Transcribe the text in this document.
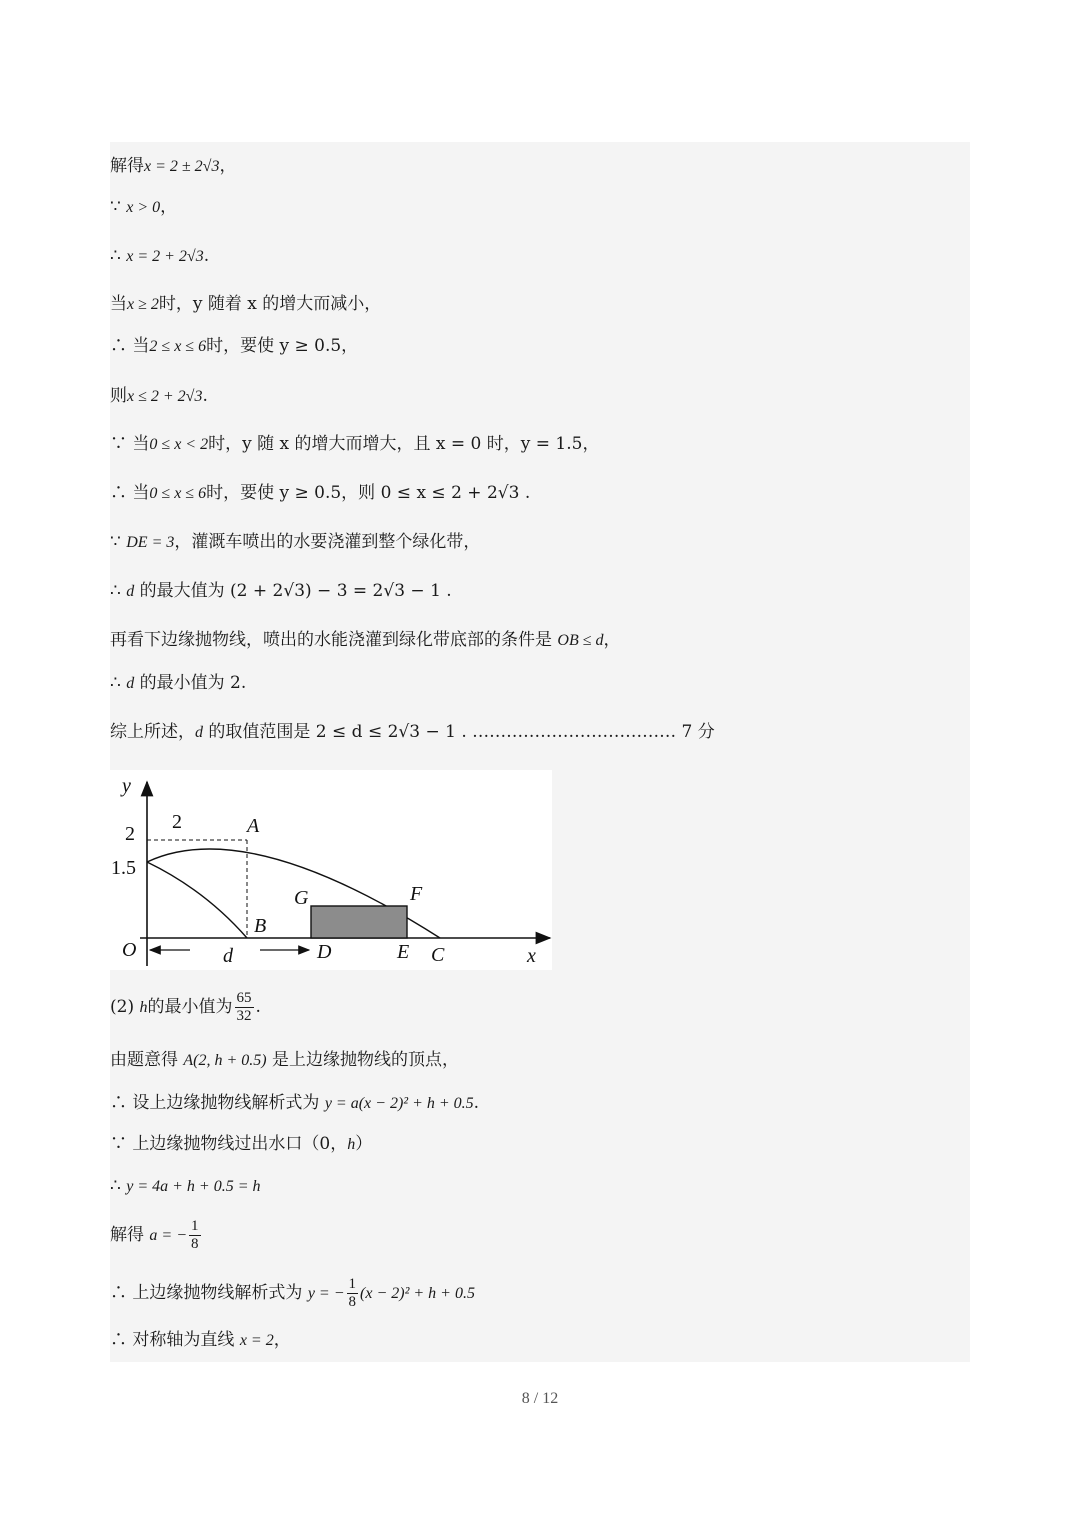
解得x = 2 ± 2√3，
∵ x > 0，
∴ x = 2 + 2√3.
当x ≥ 2时，y 随着 x 的增大而减小，
∴ 当2 ≤ x ≤ 6时，要使 y ≥ 0.5，
则x ≤ 2 + 2√3.
∵ 当0 ≤ x < 2时，y 随 x 的增大而增大，且 x = 0 时，y = 1.5，
∴ 当0 ≤ x ≤ 6时，要使 y ≥ 0.5，则 0 ≤ x ≤ 2 + 2√3 .
∵ DE = 3，灌溉车喷出的水要浇灌到整个绿化带，
∴ d 的最大值为 (2 + 2√3) − 3 = 2√3 − 1 .
再看下边缘抛物线，喷出的水能浇灌到绿化带底部的条件是 OB ≤ d，
∴ d 的最小值为 2.
综上所述，d 的取值范围是 2 ≤ d ≤ 2√3 − 1 . ……………………………… 7 分
(2) h的最小值为 $\frac{65}{32}$ .
由题意得 A(2, h + 0.5) 是上边缘抛物线的顶点，
∴ 设上边缘抛物线解析式为 y = a(x − 2)² + h + 0.5.
∵ 上边缘抛物线过出水口（0，h）
∴ y = 4a + h + 0.5 = h
解得 a = − $\frac{1}{8}$
∴ 上边缘抛物线解析式为 y = − $\frac{1}{8} (x - 2)^2 + h + 0.5$
∴ 对称轴为直线 x = 2，
y
x
O
2
1.5
2	A
B
G	F
D	E C
d
8 / 12
